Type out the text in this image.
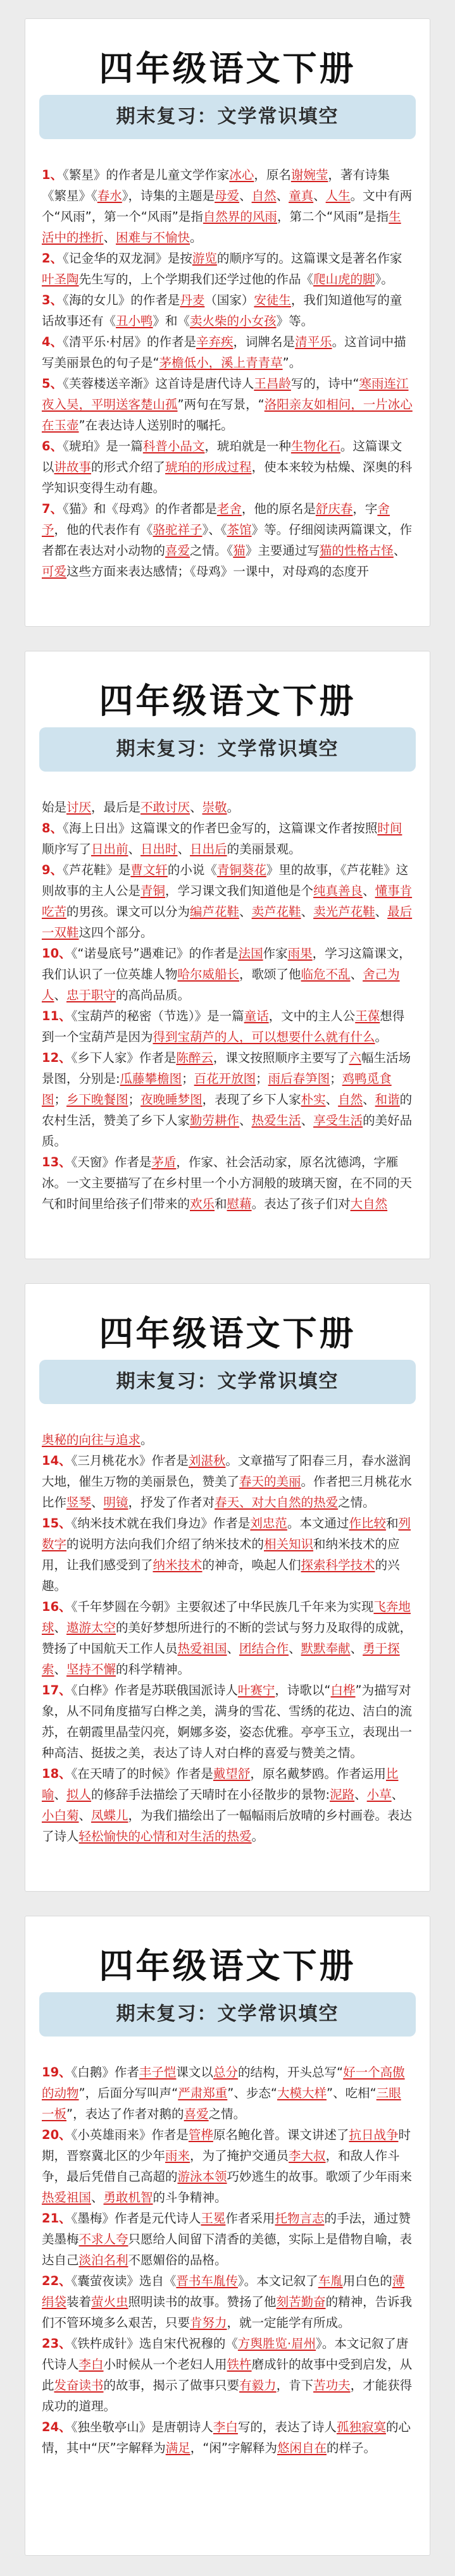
四年级语文下册
期末复习：文学常识填空

1、《繁星》的作者是儿童文学作家冰心，原名谢婉莹，著有诗集《繁星》《春水》，诗集的主题是母爱、自然、童真、人生。文中有两个“风雨”，第一个“风雨”是指自然界的风雨，第二个“风雨”是指生活中的挫折、困难与不愉快。

2、《记金华的双龙洞》是按游览的顺序写的。这篇课文是著名作家叶圣陶先生写的，上个学期我们还学过他的作品《爬山虎的脚》。

3、《海的女儿》的作者是丹麦（国家）安徒生，我们知道他写的童话故事还有《丑小鸭》和《卖火柴的小女孩》等。

4、《清平乐·村居》的作者是辛弃疾，词牌名是清平乐。这首词中描写美丽景色的句子是“茅檐低小，溪上青青草”。

5、《芙蓉楼送辛渐》这首诗是唐代诗人王昌龄写的，诗中“寒雨连江夜入吴，平明送客楚山孤”两句在写景，“洛阳亲友如相问，一片冰心在玉壶”在表达诗人送别时的嘱托。

6、《琥珀》是一篇科普小品文，琥珀就是一种生物化石。这篇课文以讲故事的形式介绍了琥珀的形成过程，使本来较为枯燥、深奥的科学知识变得生动有趣。

7、《猫》和《母鸡》的作者都是老舍，他的原名是舒庆春，字舍予，他的代表作有《骆驼祥子》、《茶馆》等。仔细阅读两篇课文，作者都在表达对小动物的喜爱之情。《猫》主要通过写猫的性格古怪、可爱这些方面来表达感情；《母鸡》一课中，对母鸡的态度开

四年级语文下册
期末复习：文学常识填空

始是讨厌，最后是不敢讨厌、崇敬。

8、《海上日出》这篇课文的作者巴金写的，这篇课文作者按照时间顺序写了日出前、日出时、日出后的美丽景观。

9、《芦花鞋》是曹文轩的小说《青铜葵花》里的故事，《芦花鞋》这则故事的主人公是青铜，学习课文我们知道他是个纯真善良、懂事肯吃苦的男孩。课文可以分为编芦花鞋、卖芦花鞋、卖光芦花鞋、最后一双鞋这四个部分。

10、《“诺曼底号”遇难记》的作者是法国作家雨果，学习这篇课文，我们认识了一位英雄人物哈尔威船长，歌颂了他临危不乱、舍己为人、忠于职守的高尚品质。

11、《宝葫芦的秘密（节选）》是一篇童话，文中的主人公王葆想得到一个宝葫芦是因为得到宝葫芦的人，可以想要什么就有什么。

12、《乡下人家》作者是陈醉云，课文按照顺序主要写了六幅生活场景图，分别是:瓜藤攀檐图；百花开放图；雨后春笋图；鸡鸭觅食图；乡下晚餐图；夜晚睡梦图，表现了乡下人家朴实、自然、和谐的农村生活，赞美了乡下人家勤劳耕作、热爱生活、享受生活的美好品质。

13、《天窗》作者是茅盾，作家、社会活动家，原名沈德鸿，字雁冰。一文主要描写了在乡村里一个小方洞般的玻璃天窗，在不同的天气和时间里给孩子们带来的欢乐和慰藉。表达了孩子们对大自然

四年级语文下册
期末复习：文学常识填空

奥秘的向往与追求。

14、《三月桃花水》作者是刘湛秋。文章描写了阳春三月，春水滋润大地，催生万物的美丽景色，赞美了春天的美丽。作者把三月桃花水比作竖琴、明镜，抒发了作者对春天、对大自然的热爱之情。

15、《纳米技术就在我们身边》作者是刘忠范。本文通过作比较和列数字的说明方法向我们介绍了纳米技术的相关知识和纳米技术的应用，让我们感受到了纳米技术的神奇，唤起人们探索科学技术的兴趣。

16、《千年梦圆在今朝》主要叙述了中华民族几千年来为实现飞奔地球、遨游太空的美好梦想所进行的不断的尝试与努力及取得的成就，赞扬了中国航天工作人员热爱祖国、团结合作、默默奉献、勇于探索、坚持不懈的科学精神。

17、《白桦》作者是苏联俄国派诗人叶赛宁，诗歌以“白桦”为描写对象，从不同角度描写白桦之美，满身的雪花、雪绣的花边、洁白的流苏，在朝霞里晶莹闪亮，婀娜多姿，姿态优雅。亭亭玉立，表现出一种高洁、挺拔之美，表达了诗人对白桦的喜爱与赞美之情。

18、《在天晴了的时候》作者是戴望舒，原名戴梦鸥。作者运用比喻、拟人的修辞手法描绘了天晴时在小径散步的景物:泥路、小草、小白菊、凤蝶儿，为我们描绘出了一幅幅雨后放晴的乡村画卷。表达了诗人轻松愉快的心情和对生活的热爱。

四年级语文下册
期末复习：文学常识填空

19、《白鹅》作者丰子恺课文以总分的结构，开头总写“好一个高傲的动物”，后面分写叫声“严肃郑重”、步态“大模大样”、吃相“三眼一板”，表达了作者对鹅的喜爱之情。

20、《小英雄雨来》作者是管桦原名鲍化普。课文讲述了抗日战争时期，晋察冀北区的少年雨来，为了掩护交通员李大叔，和敌人作斗争，最后凭借自己高超的游泳本领巧妙逃生的故事。歌颂了少年雨来热爱祖国、勇敢机智的斗争精神。

21、《墨梅》作者是元代诗人王冕作者采用托物言志的手法，通过赞美墨梅不求人夸只愿给人间留下清香的美德，实际上是借物自喻，表达自己淡泊名利不愿媚俗的品格。

22、《囊萤夜读》选自《晋书车胤传》。本文记叙了车胤用白色的薄绢袋装着萤火虫照明读书的故事。赞扬了他刻苦勤奋的精神，告诉我们不管环境多么艰苦，只要肯努力，就一定能学有所成。

23、《铁杵成针》选自宋代祝穆的《方舆胜览·眉州》。本文记叙了唐代诗人李白小时候从一个老妇人用铁杵磨成针的故事中受到启发，从此发奋读书的故事，揭示了做事只要有毅力，肯下苦功夫，才能获得成功的道理。

24、《独坐敬亭山》是唐朝诗人李白写的，表达了诗人孤独寂寞的心情，其中“厌”字解释为满足，“闲”字解释为悠闲自在的样子。
